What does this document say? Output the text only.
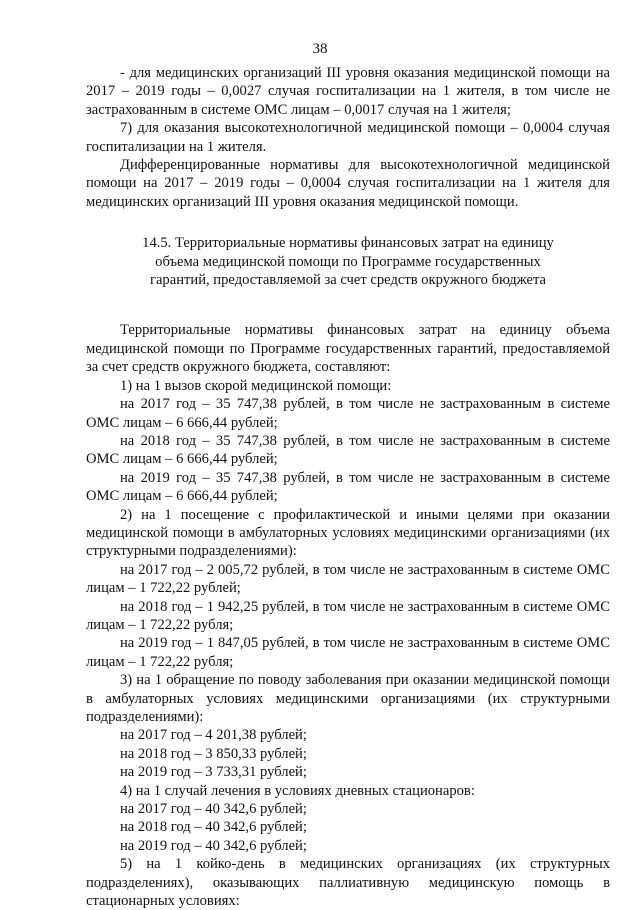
38

- для медицинских организаций III уровня оказания медицинской помощи на 2017 – 2019 годы – 0,0027 случая госпитализации на 1 жителя, в том числе не застрахованным в системе ОМС лицам – 0,0017 случая на 1 жителя;

7) для оказания высокотехнологичной медицинской помощи – 0,0004 случая госпитализации на 1 жителя.

Дифференцированные нормативы для высокотехнологичной медицинской помощи на 2017 – 2019 годы – 0,0004 случая госпитализации на 1 жителя для медицинских организаций III уровня оказания медицинской помощи.

14.5. Территориальные нормативы финансовых затрат на единицу

объема медицинской помощи по Программе государственных

гарантий, предоставляемой за счет средств окружного бюджета

Территориальные нормативы финансовых затрат на единицу объема медицинской помощи по Программе государственных гарантий, предоставляемой за счет средств окружного бюджета, составляют:

1) на 1 вызов скорой медицинской помощи:

на 2017 год – 35 747,38 рублей, в том числе не застрахованным в системе ОМС лицам – 6 666,44 рублей;

на 2018 год – 35 747,38 рублей, в том числе не застрахованным в системе ОМС лицам – 6 666,44 рублей;

на 2019 год – 35 747,38 рублей, в том числе не застрахованным в системе ОМС лицам – 6 666,44 рублей;

2) на 1 посещение с профилактической и иными целями при оказании медицинской помощи в амбулаторных условиях медицинскими организациями (их структурными подразделениями):

на 2017 год – 2 005,72 рублей, в том числе не застрахованным в системе ОМС лицам – 1 722,22 рублей;

на 2018 год – 1 942,25 рублей, в том числе не застрахованным в системе ОМС лицам – 1 722,22 рубля;

на 2019 год – 1 847,05 рублей, в том числе не застрахованным в системе ОМС лицам – 1 722,22 рубля;

3) на 1 обращение по поводу заболевания при оказании медицинской помощи в амбулаторных условиях медицинскими организациями (их структурными подразделениями):

на 2017 год – 4 201,38 рублей;

на 2018 год – 3 850,33 рублей;

на 2019 год – 3 733,31 рублей;

4) на 1 случай лечения в условиях дневных стационаров:

на 2017 год – 40 342,6 рублей;

на 2018 год – 40 342,6 рублей;

на 2019 год – 40 342,6 рублей;

5) на 1 койко-день в медицинских организациях (их структурных подразделениях), оказывающих паллиативную медицинскую помощь в стационарных условиях:
